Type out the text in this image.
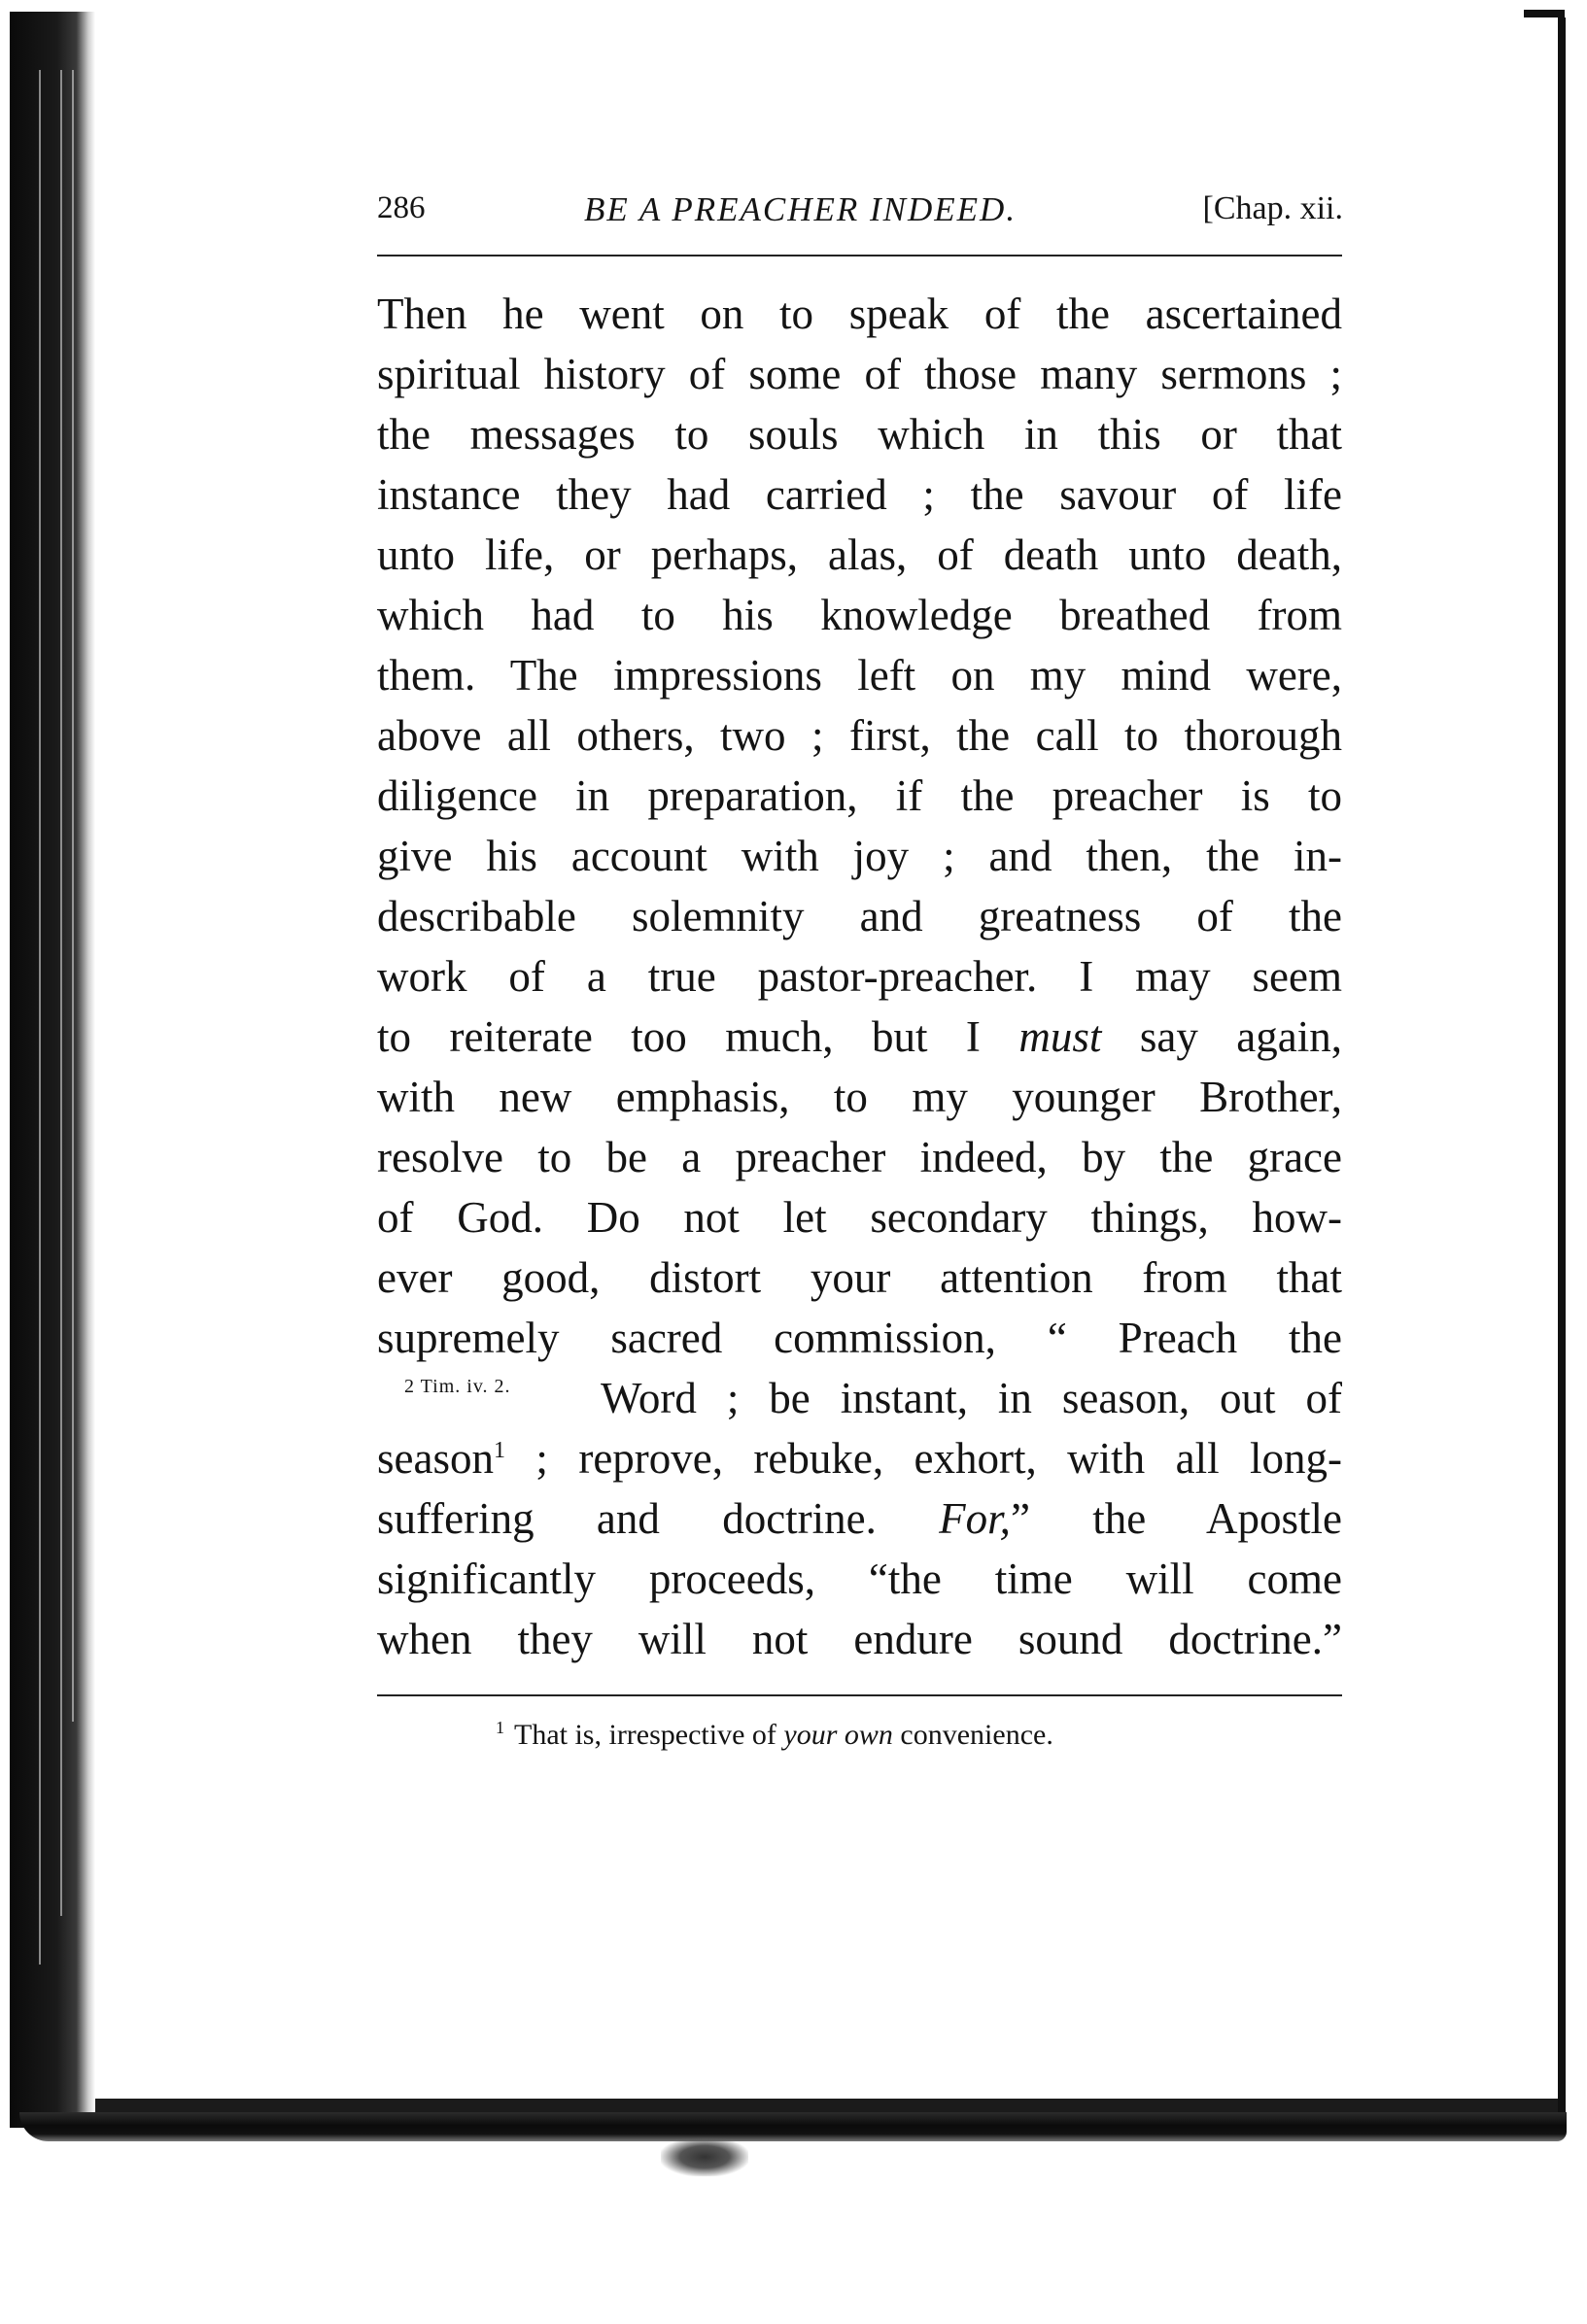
286	BE A PREACHER INDEED.	[Chap. xii.
Then he went on to speak of the ascertained
spiritual history of some of those many sermons ;
the messages to souls which in this or that
instance they had carried ; the savour of life
unto life, or perhaps, alas, of death unto death,
which had to his knowledge breathed from
them. The impressions left on my mind were,
above all others, two ; first, the call to thorough
diligence in preparation, if the preacher is to
give his account with joy ; and then, the in-
describable solemnity and greatness of the
work of a true pastor-preacher. I may seem
to reiterate too much, but I must say again,
with new emphasis, to my younger Brother,
resolve to be a preacher indeed, by the grace
of God. Do not let secondary things, how-
ever good, distort your attention from that
supremely sacred commission, “ Preach the
Word ; be instant, in season, out of
season$^1$ ; reprove, rebuke, exhort, with all long-
suffering and doctrine. For,” the Apostle
significantly proceeds, “the time will come
when they will not endure sound doctrine.”
2 Tim. iv. 2.
$^1$ That is, irrespective of your own convenience.
